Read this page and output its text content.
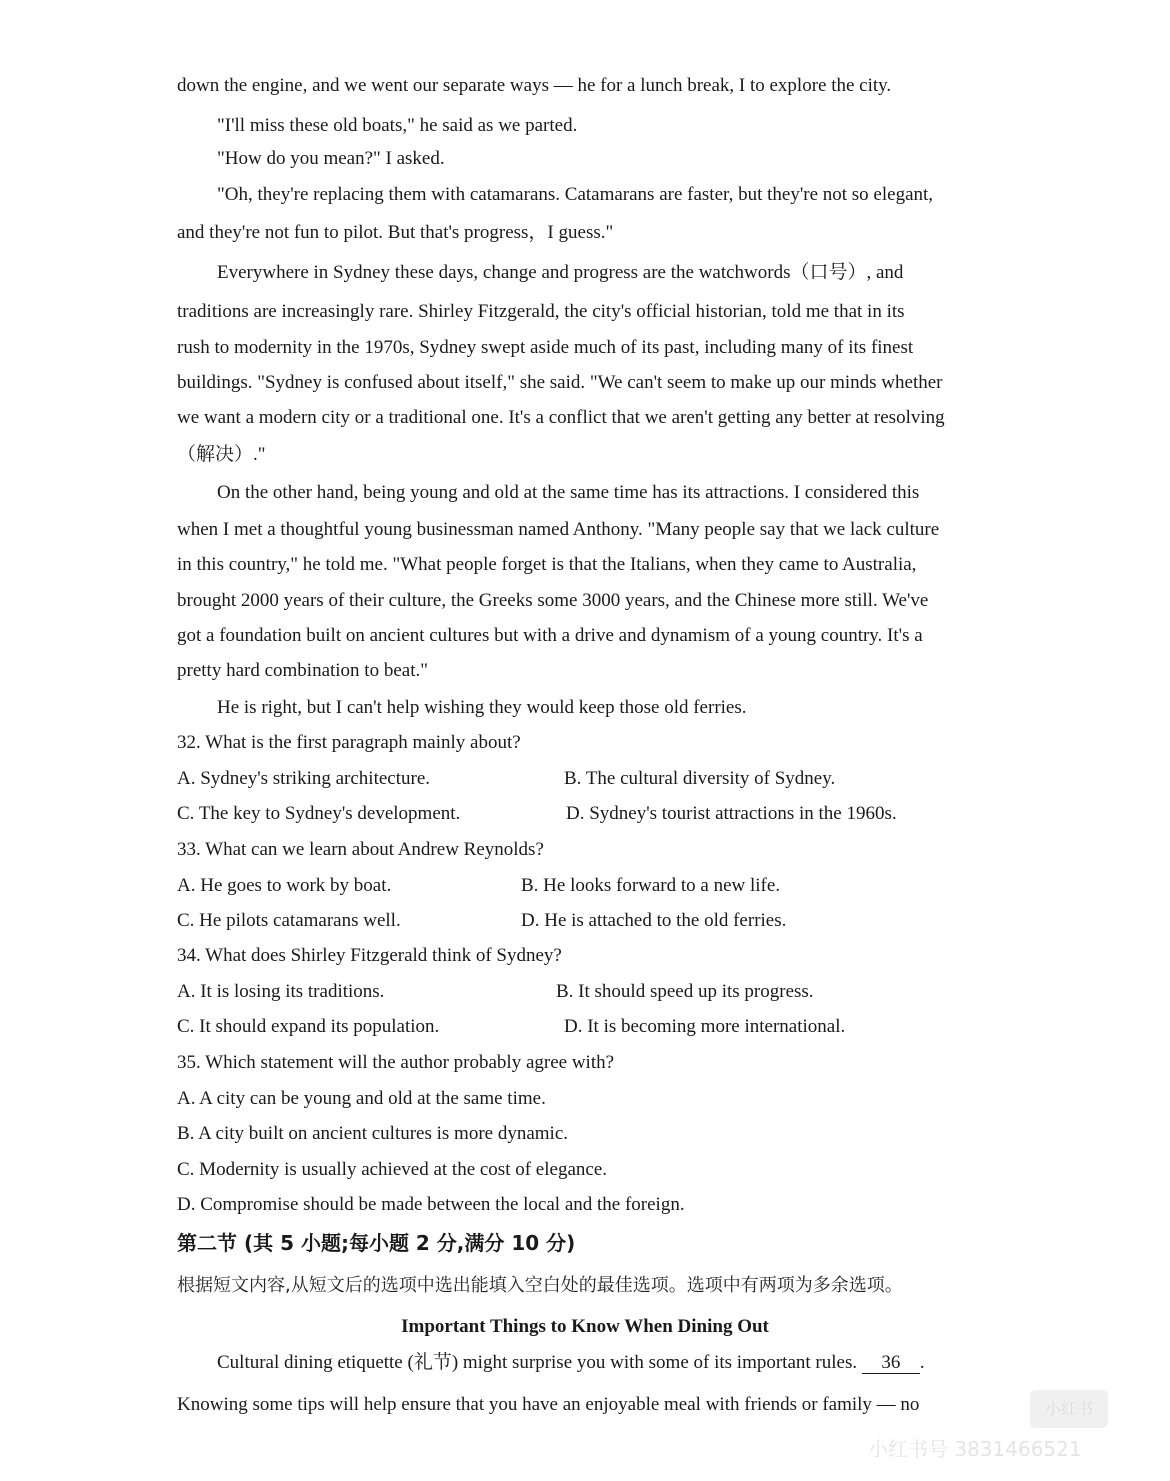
down the engine, and we went our separate ways — he for a lunch break, I to explore the city.
"I'll miss these old boats," he said as we parted.
"How do you mean?" I asked.
"Oh, they're replacing them with catamarans. Catamarans are faster, but they're not so elegant,
and they're not fun to pilot. But that's progress，I guess."
Everywhere in Sydney these days, change and progress are the watchwords（口号）, and
traditions are increasingly rare. Shirley Fitzgerald, the city's official historian, told me that in its
rush to modernity in the 1970s, Sydney swept aside much of its past, including many of its finest
buildings. "Sydney is confused about itself," she said. "We can't seem to make up our minds whether
we want a modern city or a traditional one. It's a conflict that we aren't getting any better at resolving
（解决）."
On the other hand, being young and old at the same time has its attractions. I considered this
when I met a thoughtful young businessman named Anthony. "Many people say that we lack culture
in this country," he told me. "What people forget is that the Italians, when they came to Australia,
brought 2000 years of their culture, the Greeks some 3000 years, and the Chinese more still. We've
got a foundation built on ancient cultures but with a drive and dynamism of a young country. It's a
pretty hard combination to beat."
He is right, but I can't help wishing they would keep those old ferries.
32. What is the first paragraph mainly about?
A. Sydney's striking architecture.	B. The cultural diversity of Sydney.
C. The key to Sydney's development.	D. Sydney's tourist attractions in the 1960s.
33. What can we learn about Andrew Reynolds?
A. He goes to work by boat.	B. He looks forward to a new life.
C. He pilots catamarans well.	D. He is attached to the old ferries.
34. What does Shirley Fitzgerald think of Sydney?
A. It is losing its traditions.	B. It should speed up its progress.
C. It should expand its population.	D. It is becoming more international.
35. Which statement will the author probably agree with?
A. A city can be young and old at the same time.
B. A city built on ancient cultures is more dynamic.
C. Modernity is usually achieved at the cost of elegance.
D. Compromise should be made between the local and the foreign.
第二节 (其 5 小题;每小题 2 分,满分 10 分)
根据短文内容,从短文后的选项中选出能填入空白处的最佳选项。选项中有两项为多余选项。
Important Things to Know When Dining Out
Cultural dining etiquette (礼节) might surprise you with some of its important rules. 36 .
Knowing some tips will help ensure that you have an enjoyable meal with friends or family — no	小红书
小红书号 3831466521
